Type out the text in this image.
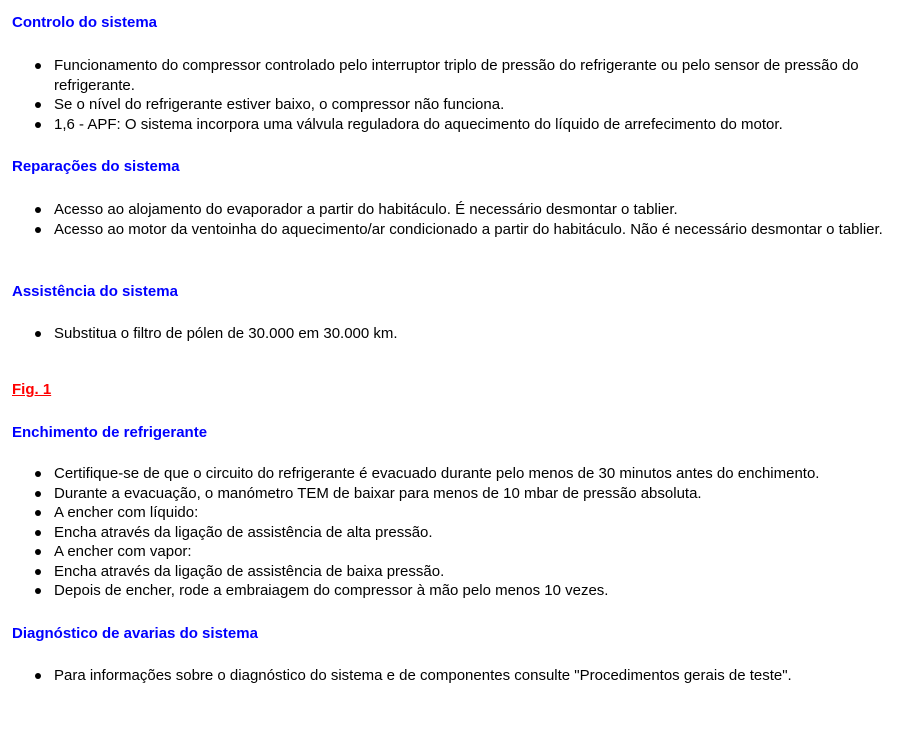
Controlo do sistema
Funcionamento do compressor controlado pelo interruptor triplo de pressão do refrigerante ou pelo sensor de pressão do refrigerante.
Se o nível do refrigerante estiver baixo, o compressor não funciona.
1,6 - APF: O sistema incorpora uma válvula reguladora do aquecimento do líquido de arrefecimento do motor.
Reparações do sistema
Acesso ao alojamento do evaporador a partir do habitáculo. É necessário desmontar o tablier.
Acesso ao motor da ventoinha do aquecimento/ar condicionado a partir do habitáculo. Não é necessário desmontar o tablier.
Assistência do sistema
Substitua o filtro de pólen de 30.000 em 30.000 km.
Fig. 1
Enchimento de refrigerante
Certifique-se de que o circuito do refrigerante é evacuado durante pelo menos de 30 minutos antes do enchimento.
Durante a evacuação, o manómetro TEM de baixar para menos de 10 mbar de pressão absoluta.
A encher com líquido:
Encha através da ligação de assistência de alta pressão.
A encher com vapor:
Encha através da ligação de assistência de baixa pressão.
Depois de encher, rode a embraiagem do compressor à mão pelo menos 10 vezes.
Diagnóstico de avarias do sistema
Para informações sobre o diagnóstico do sistema e de componentes consulte "Procedimentos gerais de teste".
